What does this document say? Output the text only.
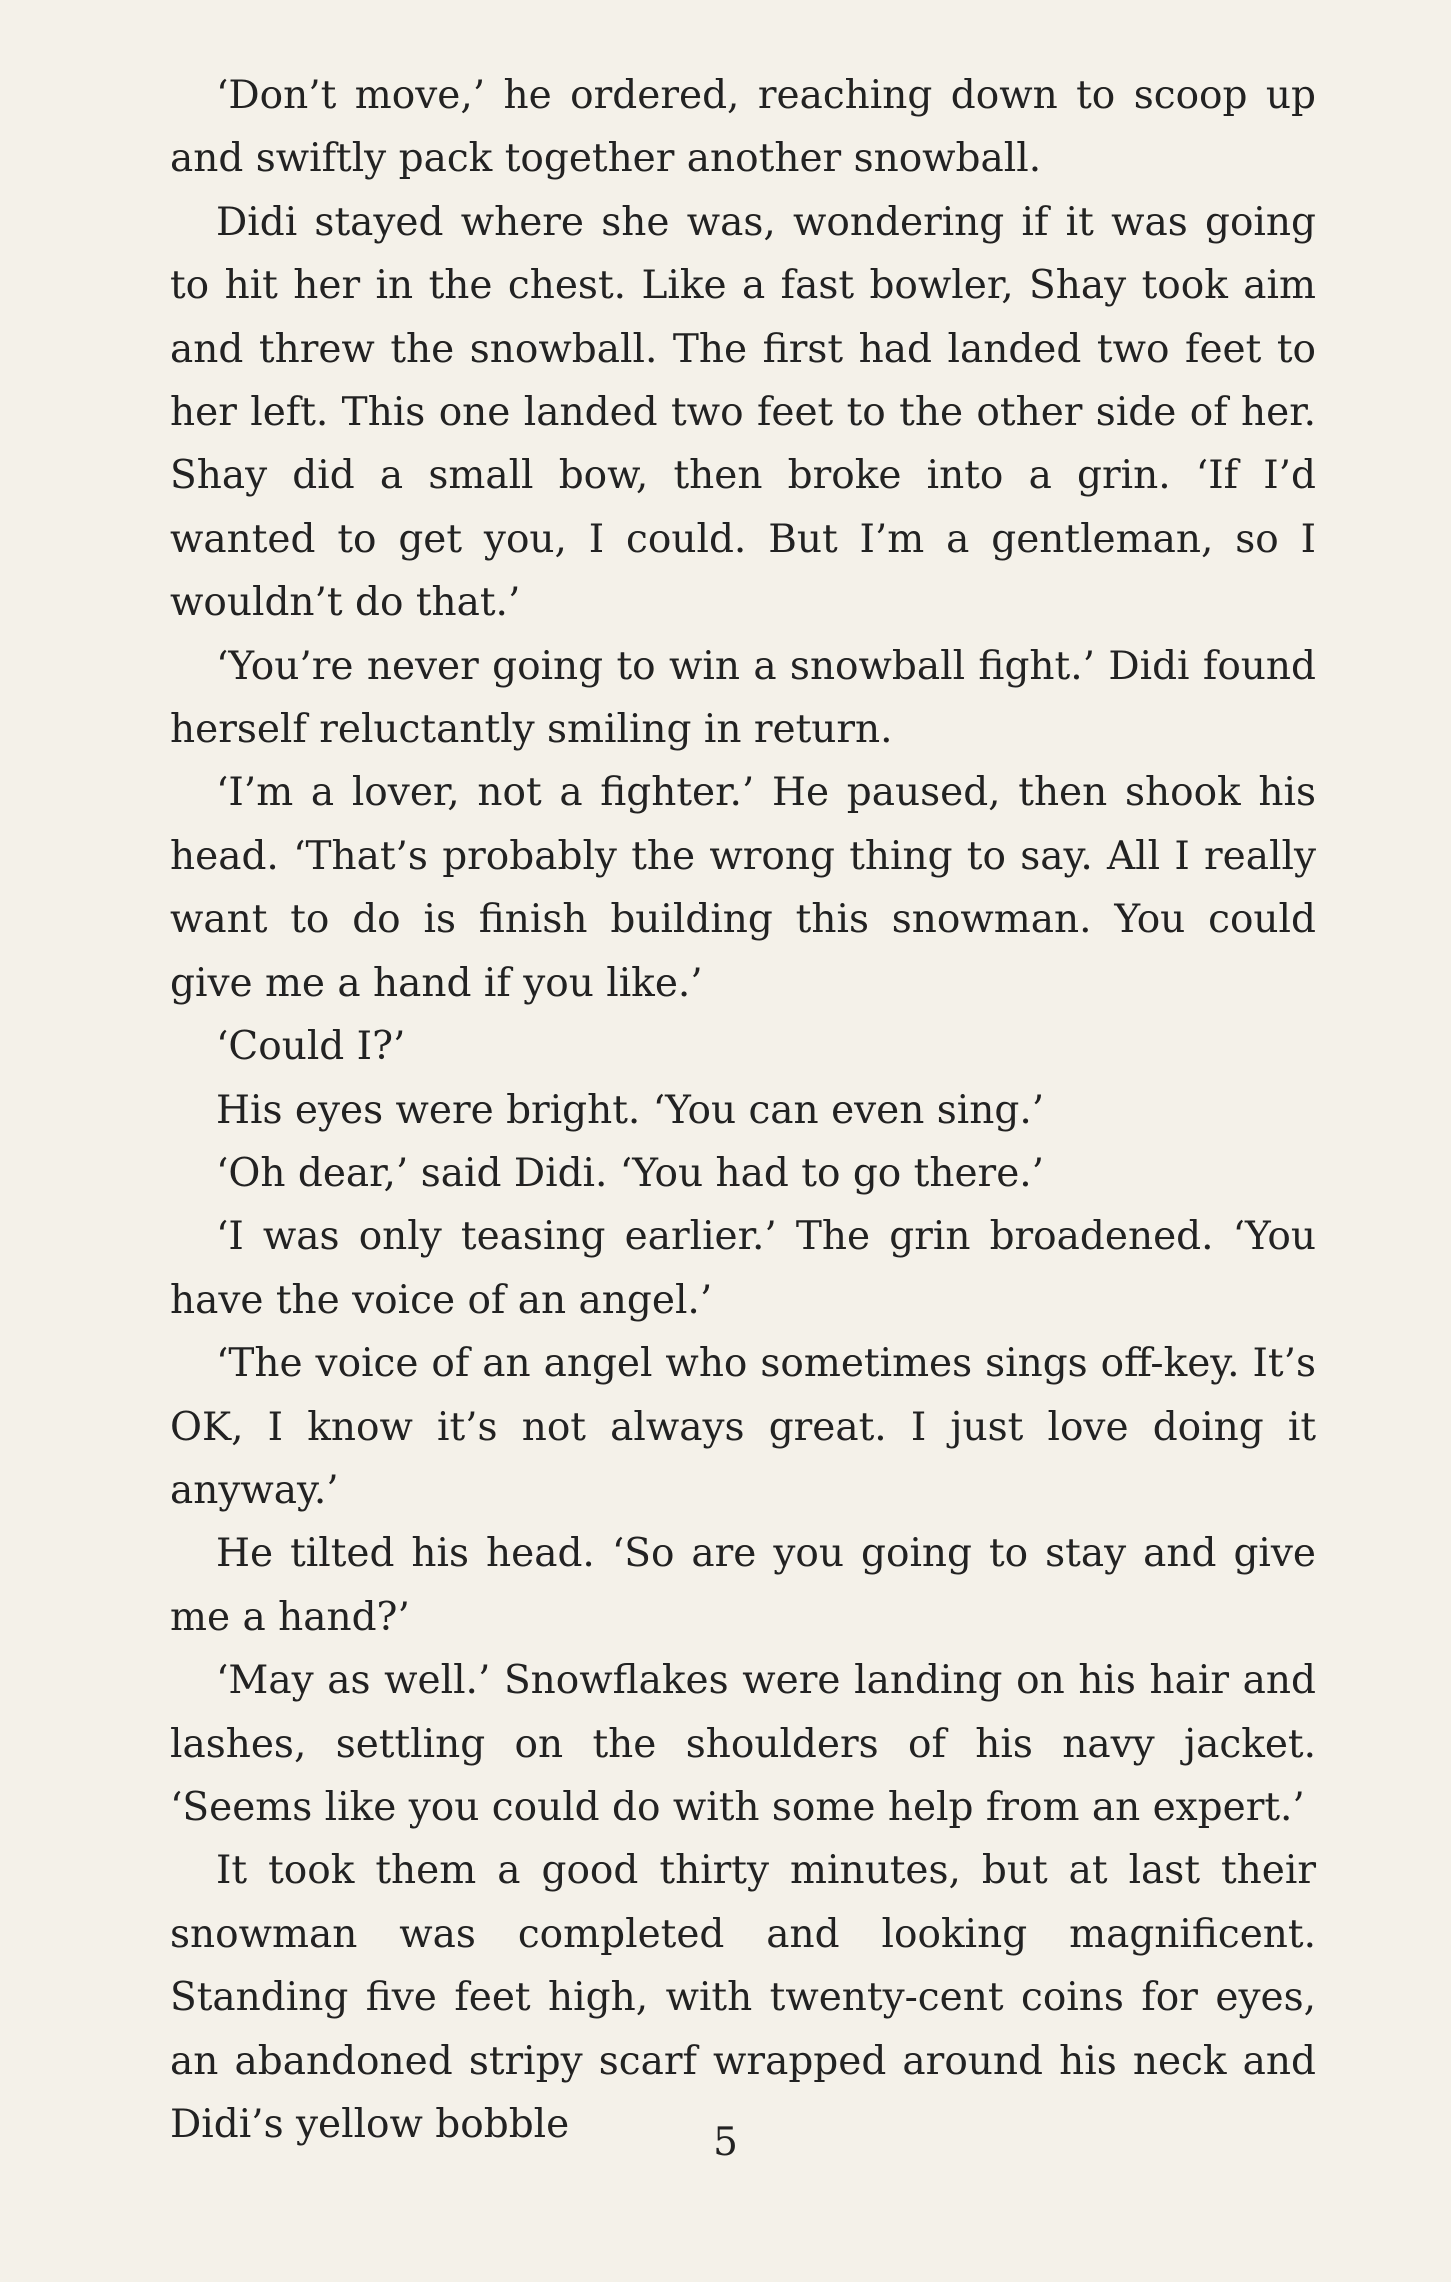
‘Don’t move,’ he ordered, reaching down to scoop up and swiftly pack together another snowball.

Didi stayed where she was, wondering if it was going to hit her in the chest. Like a fast bowler, Shay took aim and threw the snowball. The first had landed two feet to her left. This one landed two feet to the other side of her. Shay did a small bow, then broke into a grin. ‘If I’d wanted to get you, I could. But I’m a gentleman, so I wouldn’t do that.’

‘You’re never going to win a snowball fight.’ Didi found herself reluctantly smiling in return.

‘I’m a lover, not a fighter.’ He paused, then shook his head. ‘That’s probably the wrong thing to say. All I really want to do is finish building this snowman. You could give me a hand if you like.’

‘Could I?’

His eyes were bright. ‘You can even sing.’

‘Oh dear,’ said Didi. ‘You had to go there.’

‘I was only teasing earlier.’ The grin broadened. ‘You have the voice of an angel.’

‘The voice of an angel who sometimes sings off-key. It’s OK, I know it’s not always great. I just love doing it anyway.’

He tilted his head. ‘So are you going to stay and give me a hand?’

‘May as well.’ Snowflakes were landing on his hair and lashes, settling on the shoulders of his navy jacket. ‘Seems like you could do with some help from an expert.’

It took them a good thirty minutes, but at last their snowman was completed and looking magnificent. Standing five feet high, with twenty-cent coins for eyes, an abandoned stripy scarf wrapped around his neck and Didi’s yellow bobble	5
